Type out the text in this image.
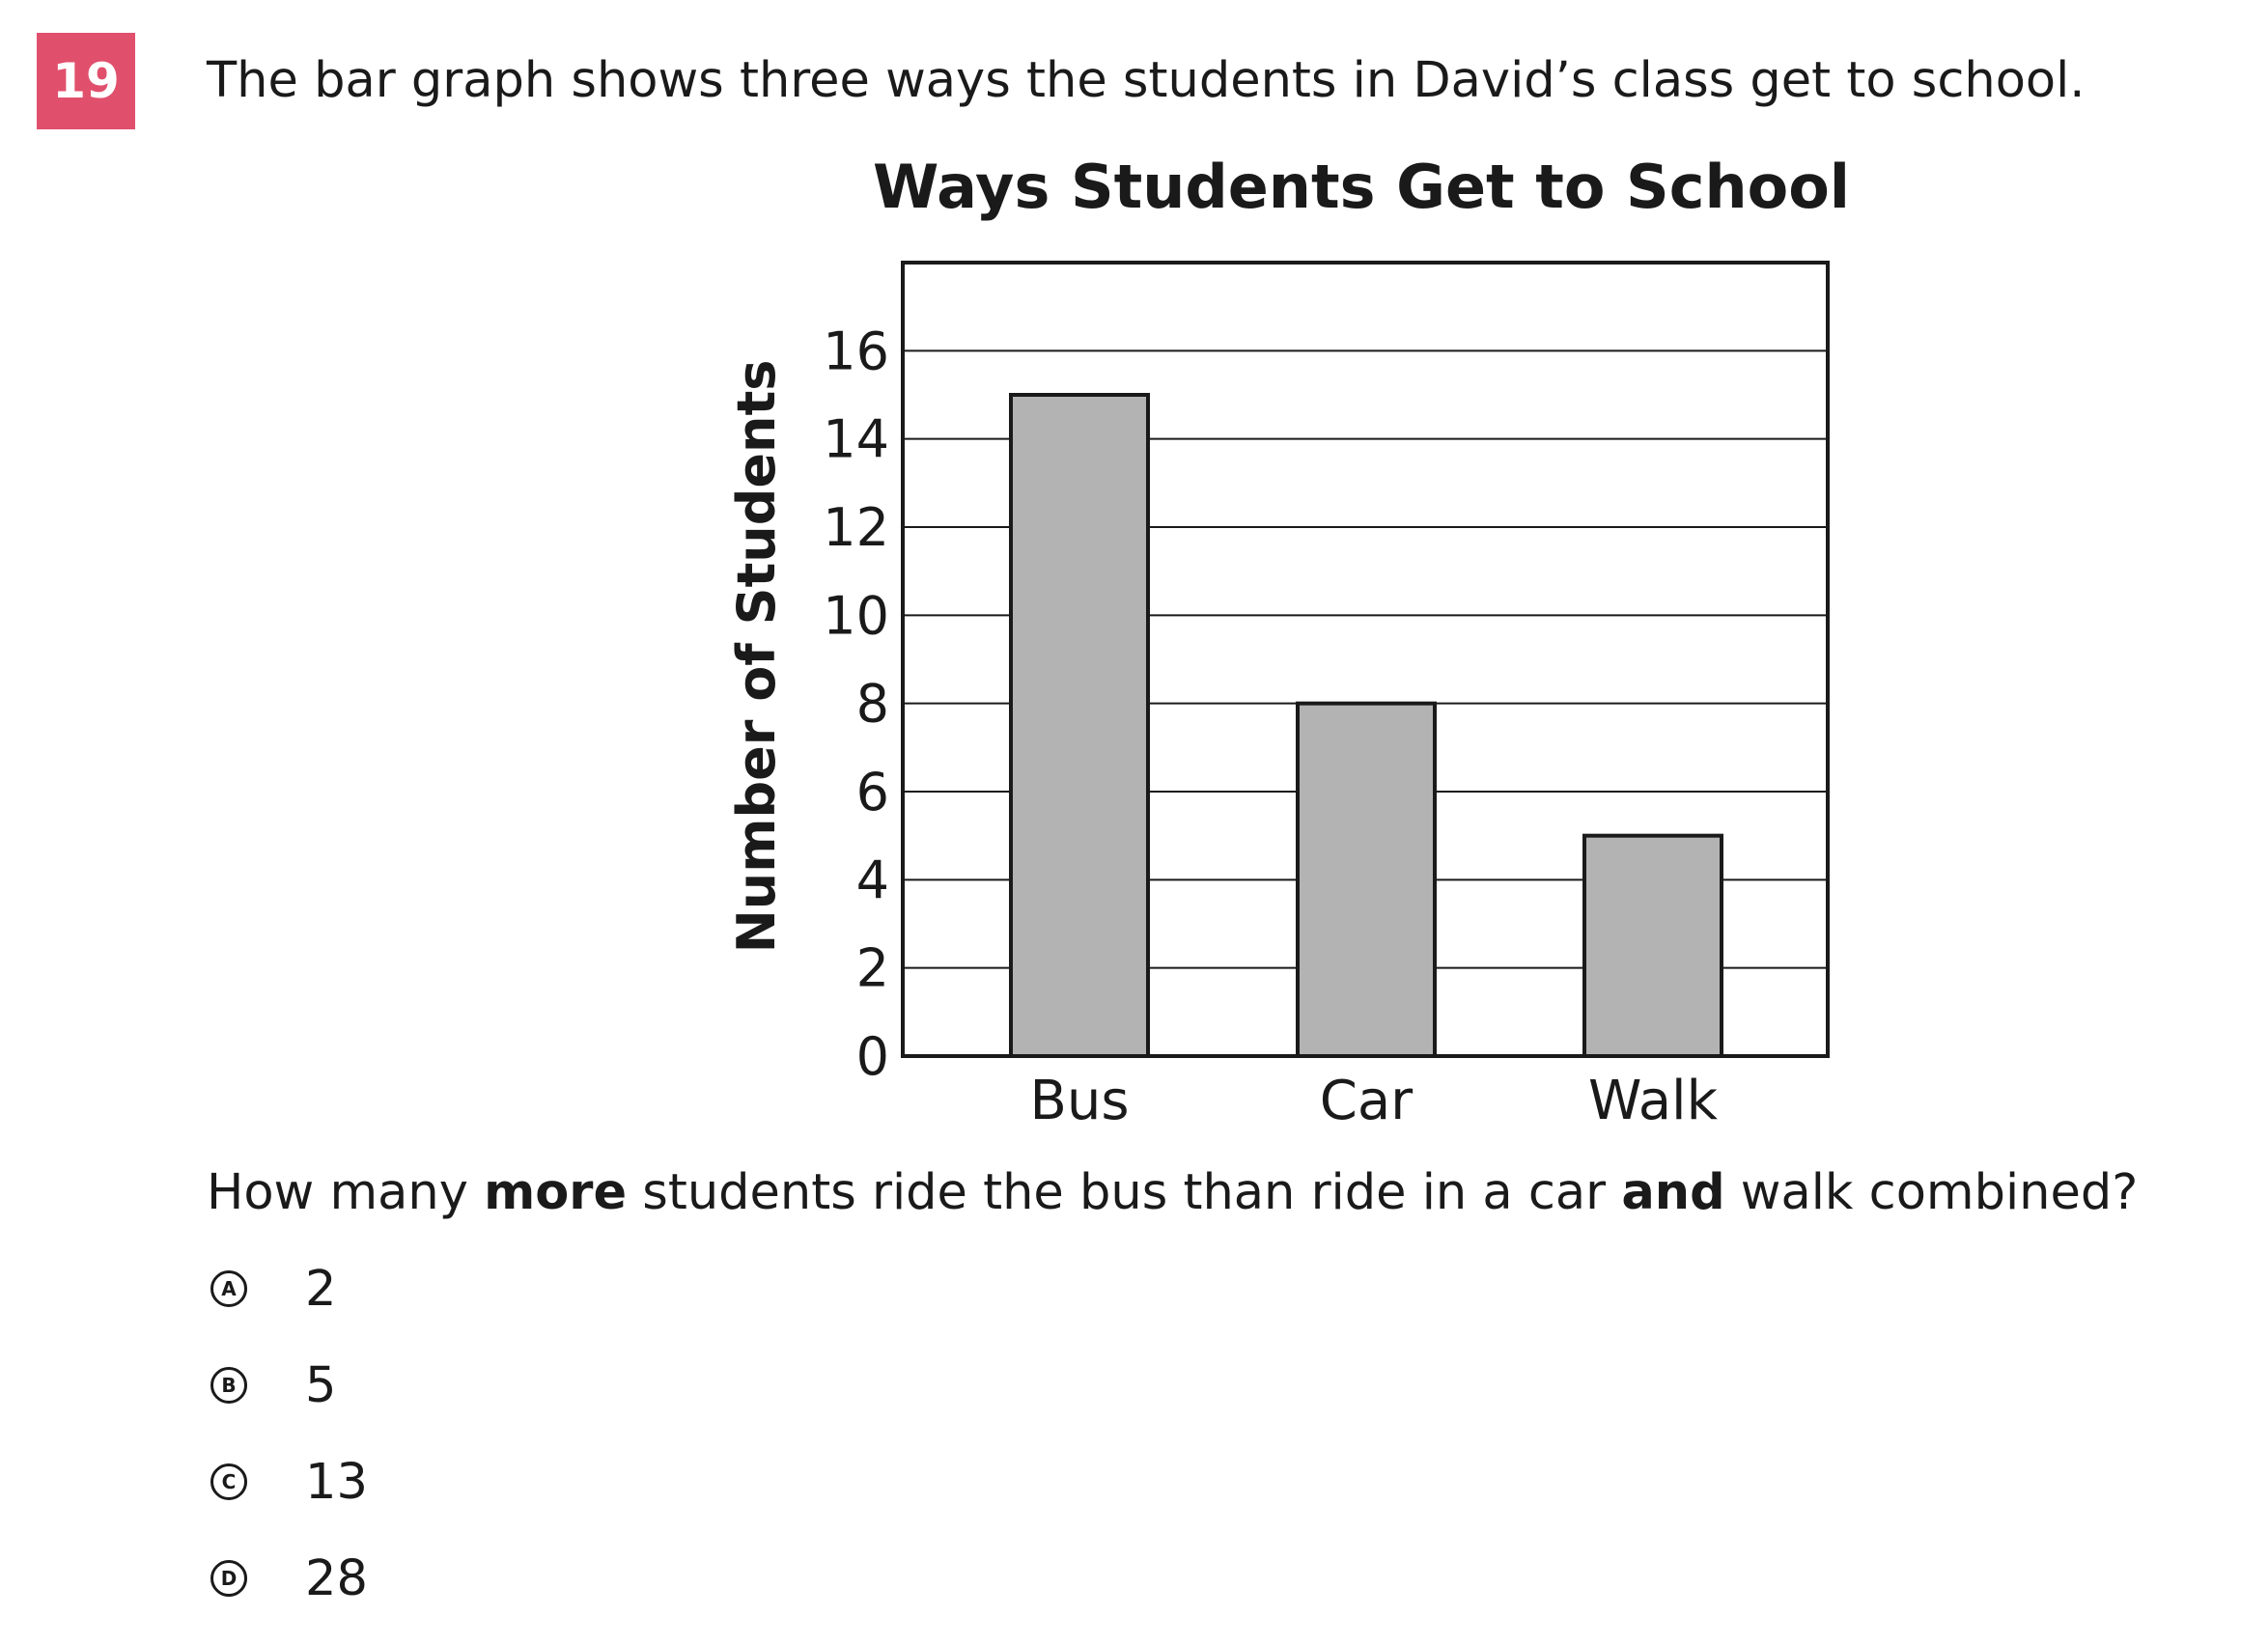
19	The bar graph shows three ways the students in David’s class get to school.
Ways Students Get to School
Number of Students
0
2
4
6
8
10
12
14
16
Bus	Car	Walk
How many more students ride the bus than ride in a car and walk combined?
A 2
B 5
C 13
D 28
